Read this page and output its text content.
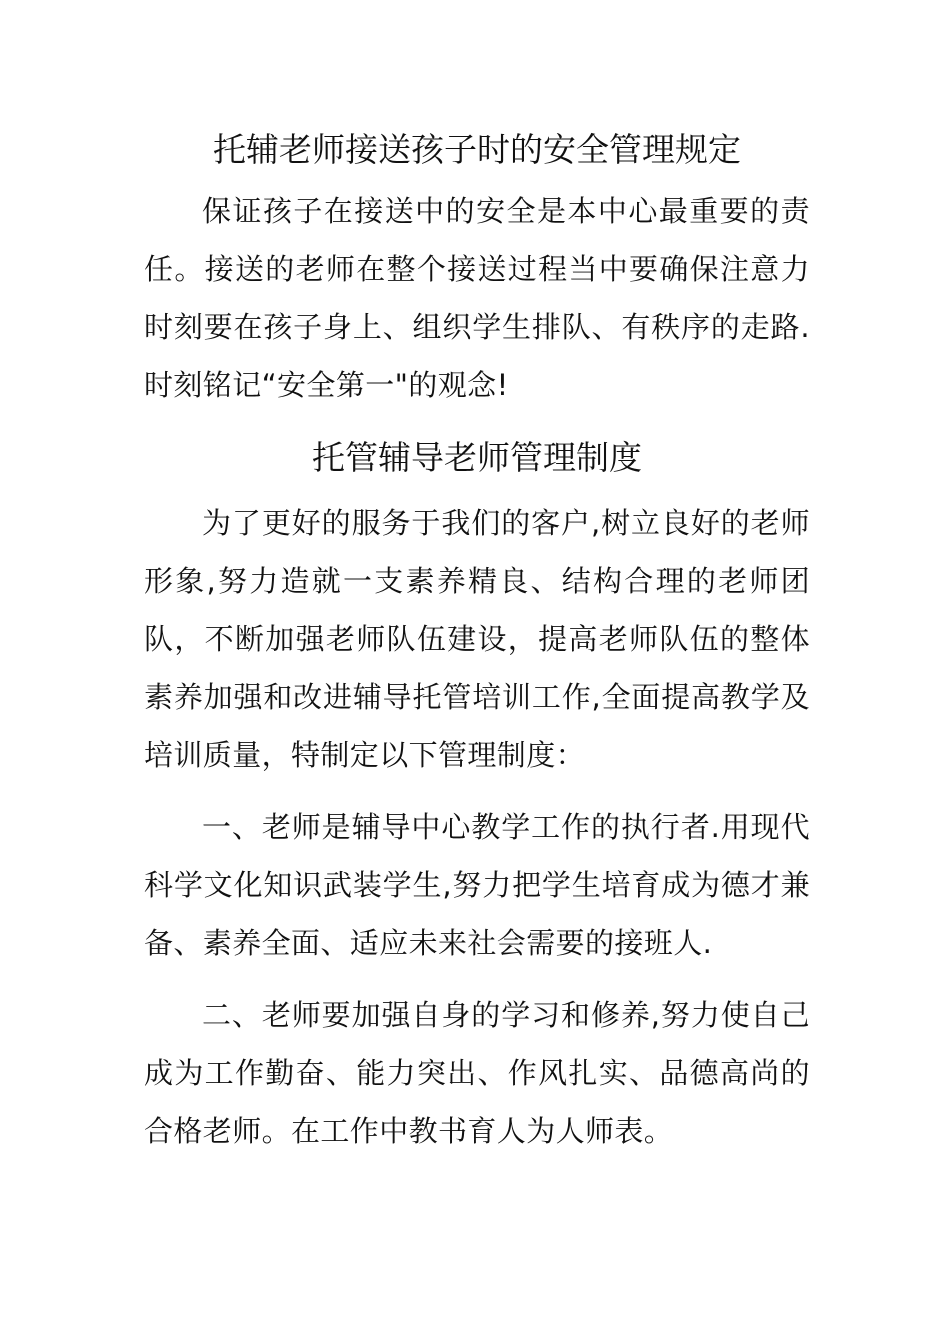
托辅老师接送孩子时的安全管理规定

保证孩子在接送中的安全是本中心最重要的责任。接送的老师在整个接送过程当中要确保注意力时刻要在孩子身上、组织学生排队、有秩序的走路.时刻铭记“安全第一"的观念!

托管辅导老师管理制度

为了更好的服务于我们的客户,树立良好的老师形象,努力造就一支素养精良、结构合理的老师团队，不断加强老师队伍建设，提高老师队伍的整体素养加强和改进辅导托管培训工作,全面提高教学及培训质量，特制定以下管理制度：

一、老师是辅导中心教学工作的执行者.用现代科学文化知识武装学生,努力把学生培育成为德才兼备、素养全面、适应未来社会需要的接班人.

二、老师要加强自身的学习和修养,努力使自己成为工作勤奋、能力突出、作风扎实、品德高尚的合格老师。在工作中教书育人为人师表。
